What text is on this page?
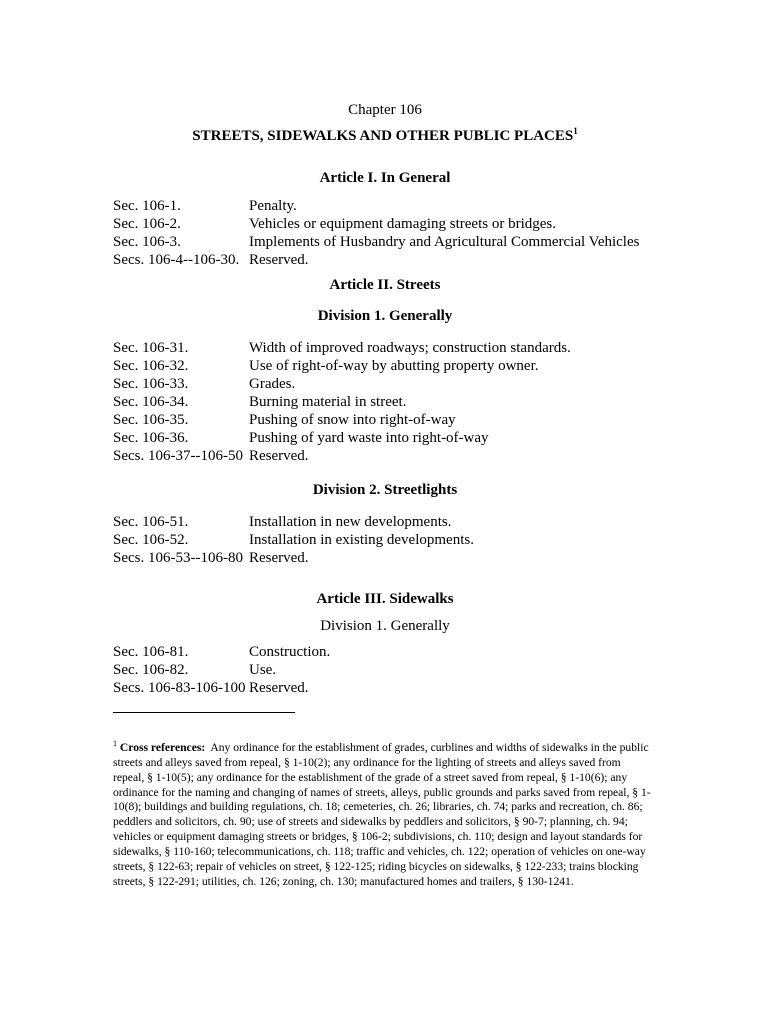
Chapter 106
STREETS, SIDEWALKS AND OTHER PUBLIC PLACES$^1$
Article I. In General
Sec. 106-1.	Penalty.
Sec. 106-2.	Vehicles or equipment damaging streets or bridges.
Sec. 106-3.	Implements of Husbandry and Agricultural Commercial Vehicles
Secs. 106-4--106-30. Reserved.
Article II. Streets
Division 1. Generally
Sec. 106-31.	Width of improved roadways; construction standards.
Sec. 106-32.	Use of right-of-way by abutting property owner.
Sec. 106-33.	Grades.
Sec. 106-34.	Burning material in street.
Sec. 106-35.	Pushing of snow into right-of-way
Sec. 106-36.	Pushing of yard waste into right-of-way
Secs. 106-37--106-50 Reserved.
Division 2. Streetlights
Sec. 106-51.	Installation in new developments.
Sec. 106-52.	Installation in existing developments.
Secs. 106-53--106-80 Reserved.
Article III. Sidewalks
Division 1. Generally
Sec. 106-81.	Construction.
Sec. 106-82.	Use.
Secs. 106-83-106-100 Reserved.
$^1$ Cross references: Any ordinance for the establishment of grades, curblines and widths of sidewalks in the public streets and alleys saved from repeal, § 1-10(2); any ordinance for the lighting of streets and alleys saved from repeal, § 1-10(5); any ordinance for the establishment of the grade of a street saved from repeal, § 1-10(6); any ordinance for the naming and changing of names of streets, alleys, public grounds and parks saved from repeal, § 1-10(8); buildings and building regulations, ch. 18; cemeteries, ch. 26; libraries, ch. 74; parks and recreation, ch. 86; peddlers and solicitors, ch. 90; use of streets and sidewalks by peddlers and solicitors, § 90-7; planning, ch. 94; vehicles or equipment damaging streets or bridges, § 106-2; subdivisions, ch. 110; design and layout standards for sidewalks, § 110-160; telecommunications, ch. 118; traffic and vehicles, ch. 122; operation of vehicles on one-way streets, § 122-63; repair of vehicles on street, § 122-125; riding bicycles on sidewalks, § 122-233; trains blocking streets, § 122-291; utilities, ch. 126; zoning, ch. 130; manufactured homes and trailers, § 130-1241.
